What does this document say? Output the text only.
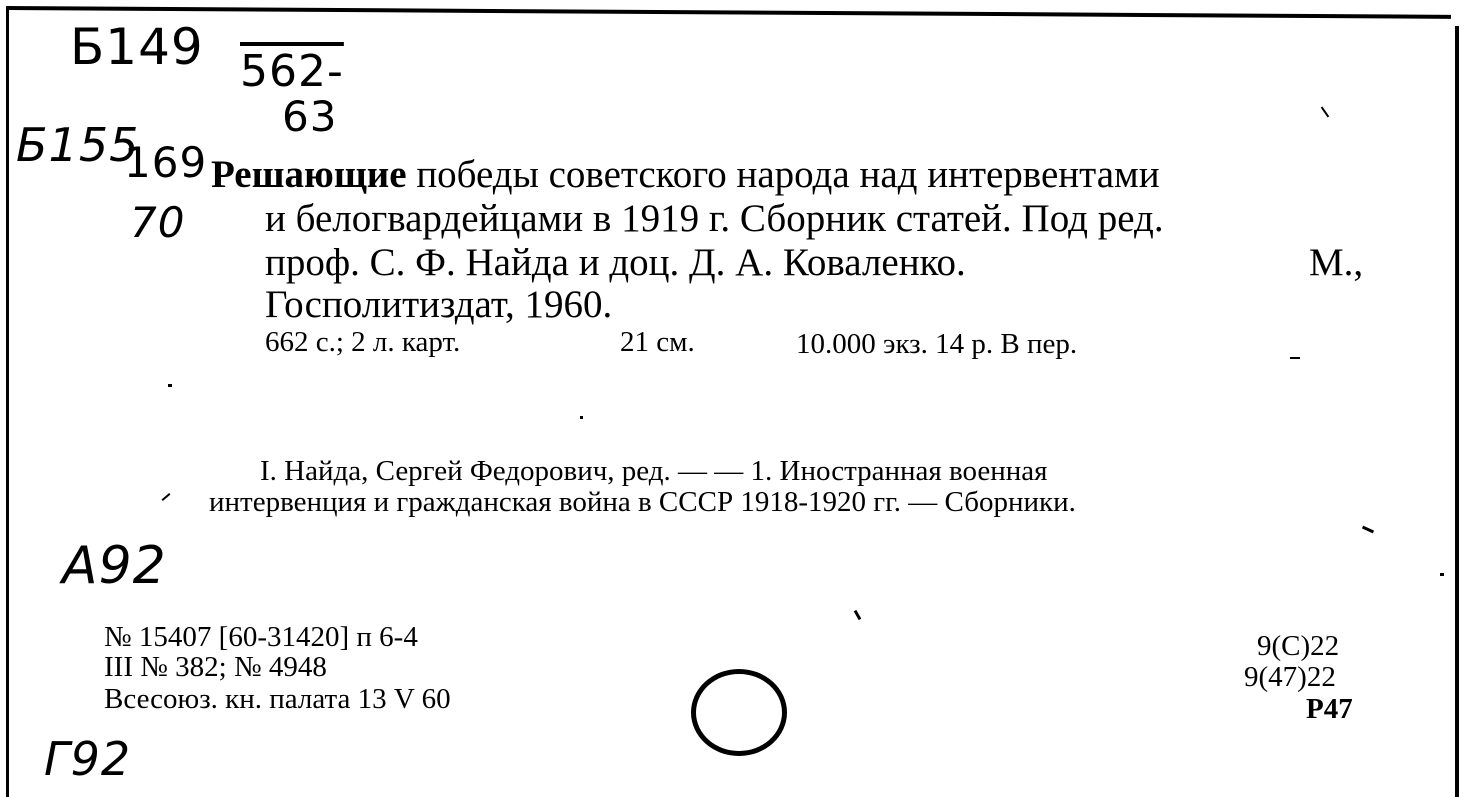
Б149 562-
63
Б155
169
70
А92
Г92
Решающие победы советского народа над интервентами
и белогвардейцами в 1919 г. Сборник статей. Под ред.
проф. С. Ф. Найда и доц. Д. А. Коваленко.	М.,
Госполитиздат, 1960.
662 с.; 2 л. карт.	21 см.	10.000 экз. 14 р. В пер.
I. Найда, Сергей Федорович, ред. — — 1. Иностранная военная
интервенция и гражданская война в СССР 1918-1920 гг. — Сборники.
№ 15407 [60-31420] п 6-4
III № 382; № 4948
Всесоюз. кн. палата 13 V 60
9(С)22
9(47)22
Р47
